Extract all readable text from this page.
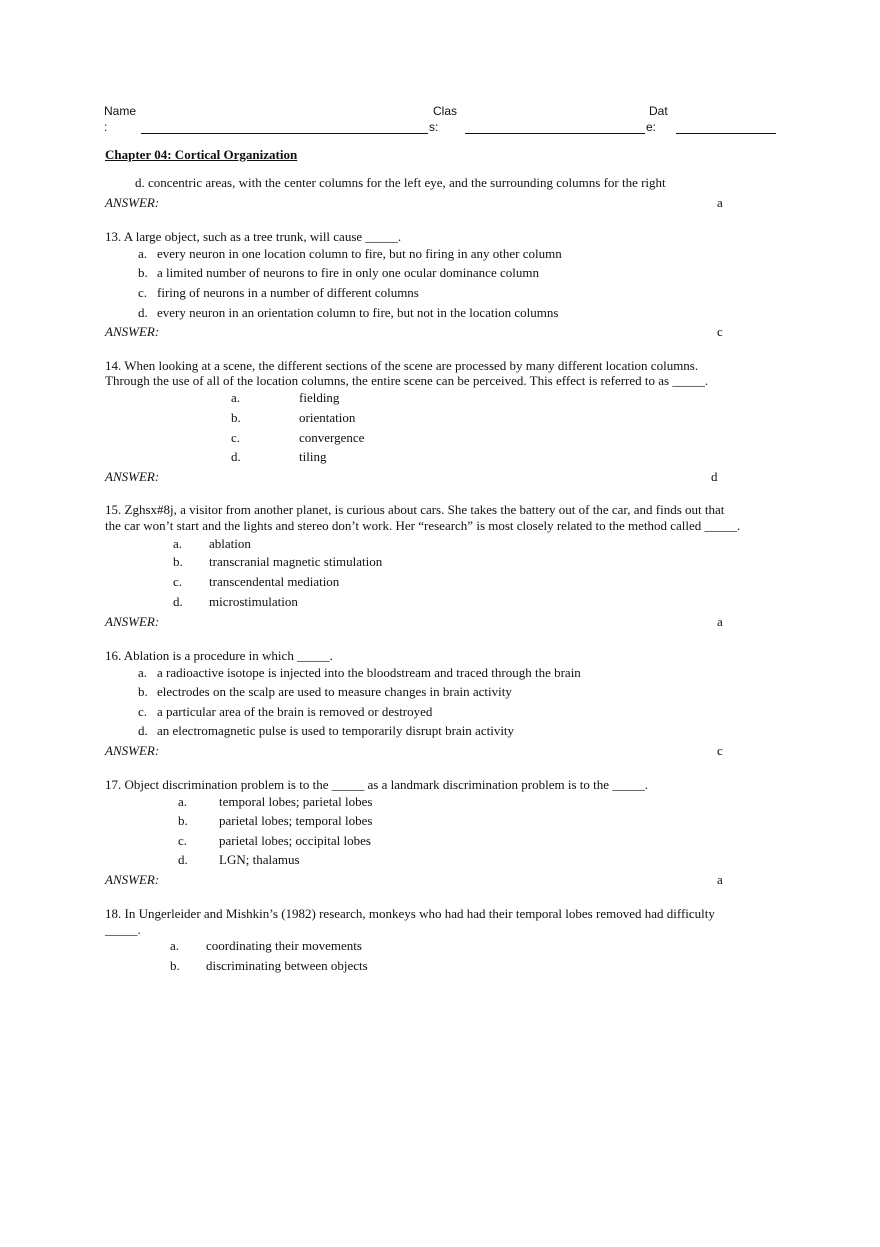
Name
:
Clas
s:
Dat
e:
Chapter 04: Cortical Organization
d. concentric areas, with the center columns for the left eye, and the surrounding columns for the right
ANSWER:	a
13. A large object, such as a tree trunk, will cause _____.
a. every neuron in one location column to fire, but no firing in any other column
b. a limited number of neurons to fire in only one ocular dominance column
c. firing of neurons in a number of different columns
d. every neuron in an orientation column to fire, but not in the location columns
ANSWER:	c
14. When looking at a scene, the different sections of the scene are processed by many different location columns.
Through the use of all of the location columns, the entire scene can be perceived. This effect is referred to as _____.
a.	fielding
b.	orientation
c.	convergence
d.	tiling
ANSWER:	d
15. Zghsx#8j, a visitor from another planet, is curious about cars. She takes the battery out of the car, and finds out that
the car won’t start and the lights and stereo don’t work. Her “research” is most closely related to the method called _____.
a. ablation
b. transcranial magnetic stimulation
c. transcendental mediation
d. microstimulation
ANSWER:	a
16. Ablation is a procedure in which _____.
a. a radioactive isotope is injected into the bloodstream and traced through the brain
b. electrodes on the scalp are used to measure changes in brain activity
c. a particular area of the brain is removed or destroyed
d. an electromagnetic pulse is used to temporarily disrupt brain activity
ANSWER:	c
17. Object discrimination problem is to the _____ as a landmark discrimination problem is to the _____.
a. temporal lobes; parietal lobes
b. parietal lobes; temporal lobes
c. parietal lobes; occipital lobes
d. LGN; thalamus
ANSWER:	a
18. In Ungerleider and Mishkin’s (1982) research, monkeys who had had their temporal lobes removed had difficulty
_____.
a. coordinating their movements
b. discriminating between objects
